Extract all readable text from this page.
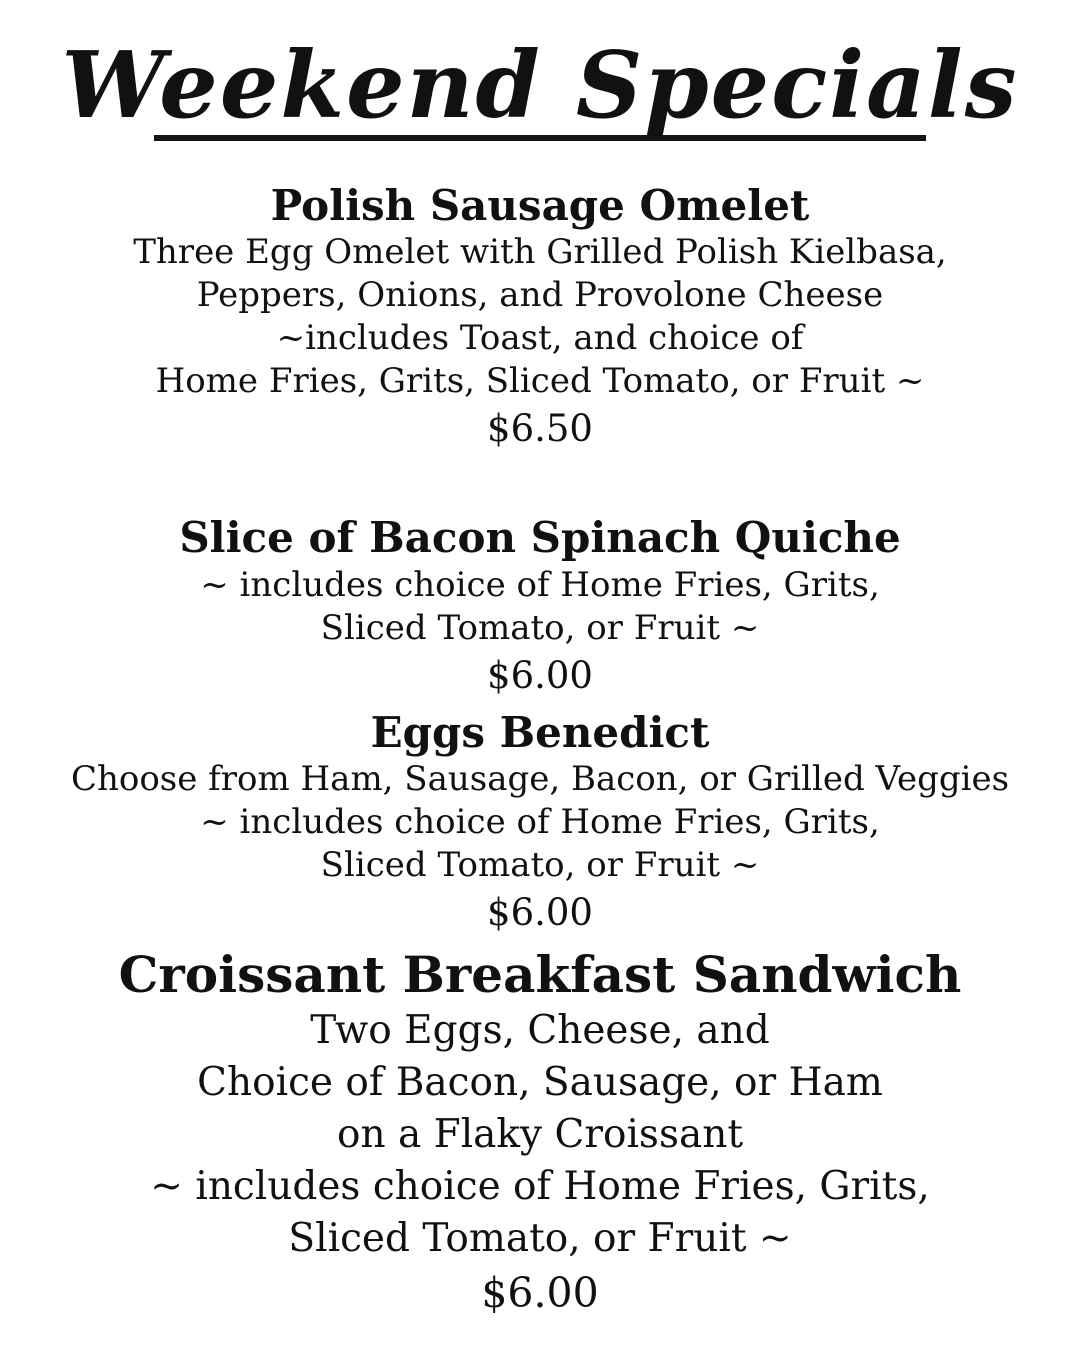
Weekend Specials
Polish Sausage Omelet

Three Egg Omelet with Grilled Polish Kielbasa,

Peppers, Onions, and Provolone Cheese

~includes Toast, and choice of

Home Fries, Grits, Sliced Tomato, or Fruit ~

$6.50

Slice of Bacon Spinach Quiche

~ includes choice of Home Fries, Grits,

Sliced Tomato, or Fruit ~

$6.00

Eggs Benedict

Choose from Ham, Sausage, Bacon, or Grilled Veggies

~ includes choice of Home Fries, Grits,

Sliced Tomato, or Fruit ~

$6.00

Croissant Breakfast Sandwich

Two Eggs, Cheese, and

Choice of Bacon, Sausage, or Ham

on a Flaky Croissant

~ includes choice of Home Fries, Grits,

Sliced Tomato, or Fruit ~

$6.00
